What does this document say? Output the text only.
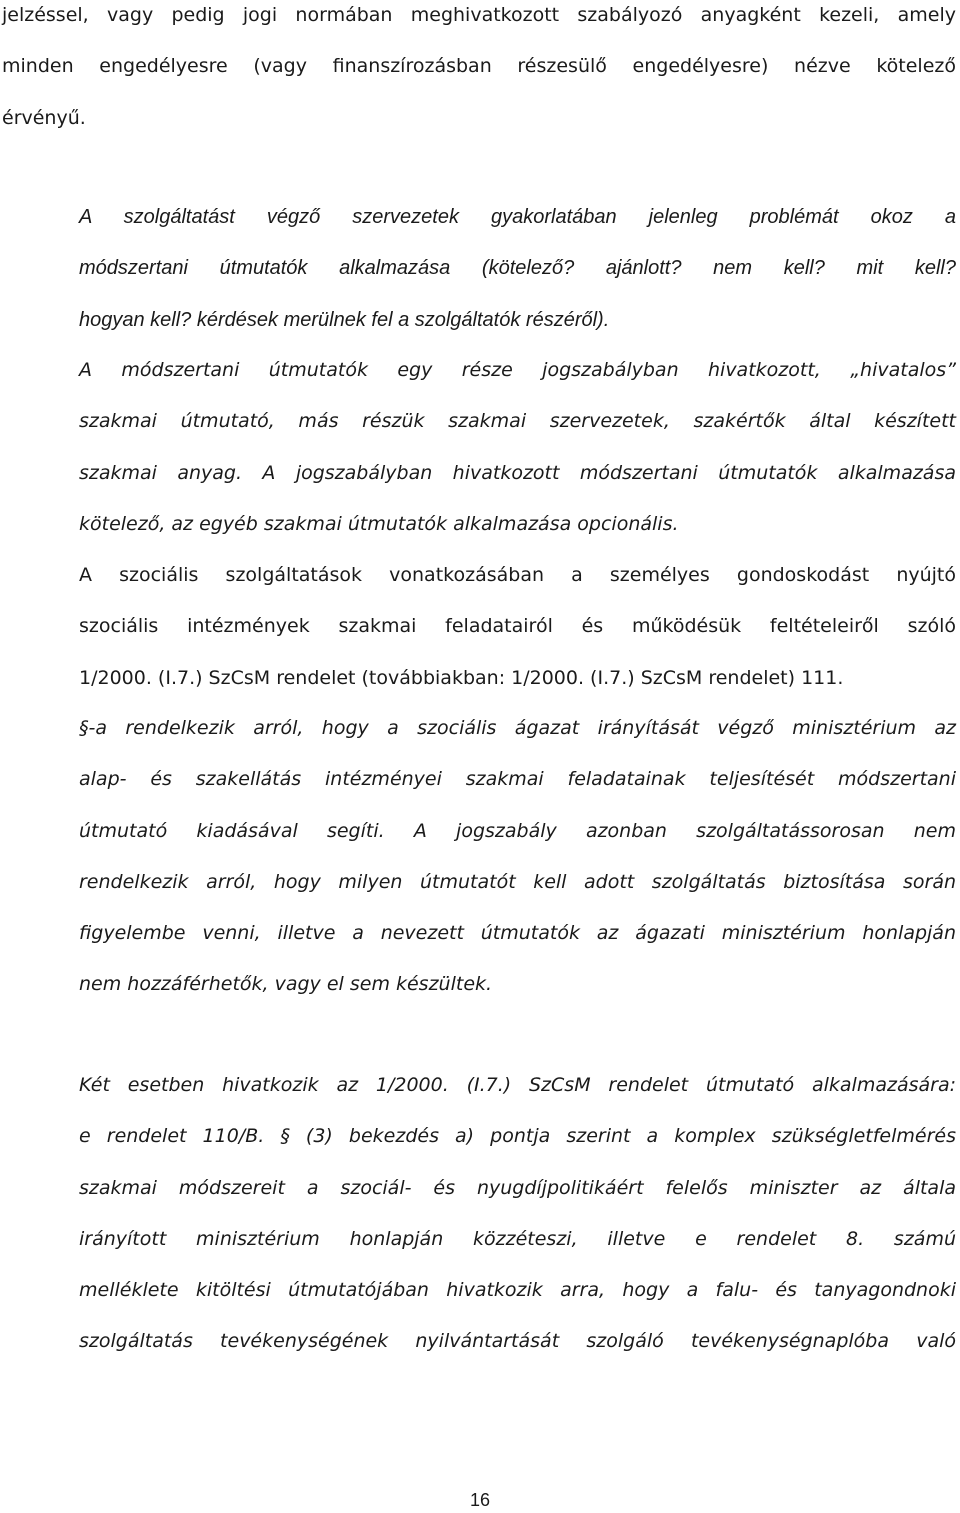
jelzéssel, vagy pedig jogi normában meghivatkozott szabályozó anyagként kezeli, amely
minden engedélyesre (vagy finanszírozásban részesülő engedélyesre) nézve kötelező
érvényű.
A szolgáltatást végző szervezetek gyakorlatában jelenleg problémát okoz a
módszertani útmutatók alkalmazása (kötelező? ajánlott? nem kell? mit kell?
hogyan kell? kérdések merülnek fel a szolgáltatók részéről).
A módszertani útmutatók egy része jogszabályban hivatkozott, „hivatalos”
szakmai útmutató, más részük szakmai szervezetek, szakértők által készített
szakmai anyag. A jogszabályban hivatkozott módszertani útmutatók alkalmazása
kötelező, az egyéb szakmai útmutatók alkalmazása opcionális.
A szociális szolgáltatások vonatkozásában a személyes gondoskodást nyújtó
szociális intézmények szakmai feladatairól és működésük feltételeiről szóló
1/2000. (I.7.) SzCsM rendelet (továbbiakban: 1/2000. (I.7.) SzCsM rendelet) 111.
§-a rendelkezik arról, hogy a szociális ágazat irányítását végző minisztérium az
alap- és szakellátás intézményei szakmai feladatainak teljesítését módszertani
útmutató kiadásával segíti. A jogszabály azonban szolgáltatássorosan nem
rendelkezik arról, hogy milyen útmutatót kell adott szolgáltatás biztosítása során
figyelembe venni, illetve a nevezett útmutatók az ágazati minisztérium honlapján
nem hozzáférhetők, vagy el sem készültek.
Két esetben hivatkozik az 1/2000. (I.7.) SzCsM rendelet útmutató alkalmazására:
e rendelet 110/B. § (3) bekezdés a) pontja szerint a komplex szükségletfelmérés
szakmai módszereit a szociál- és nyugdíjpolitikáért felelős miniszter az általa
irányított minisztérium honlapján közzéteszi, illetve e rendelet 8. számú
melléklete kitöltési útmutatójában hivatkozik arra, hogy a falu- és tanyagondnoki
szolgáltatás tevékenységének nyilvántartását szolgáló tevékenységnaplóba való
16
